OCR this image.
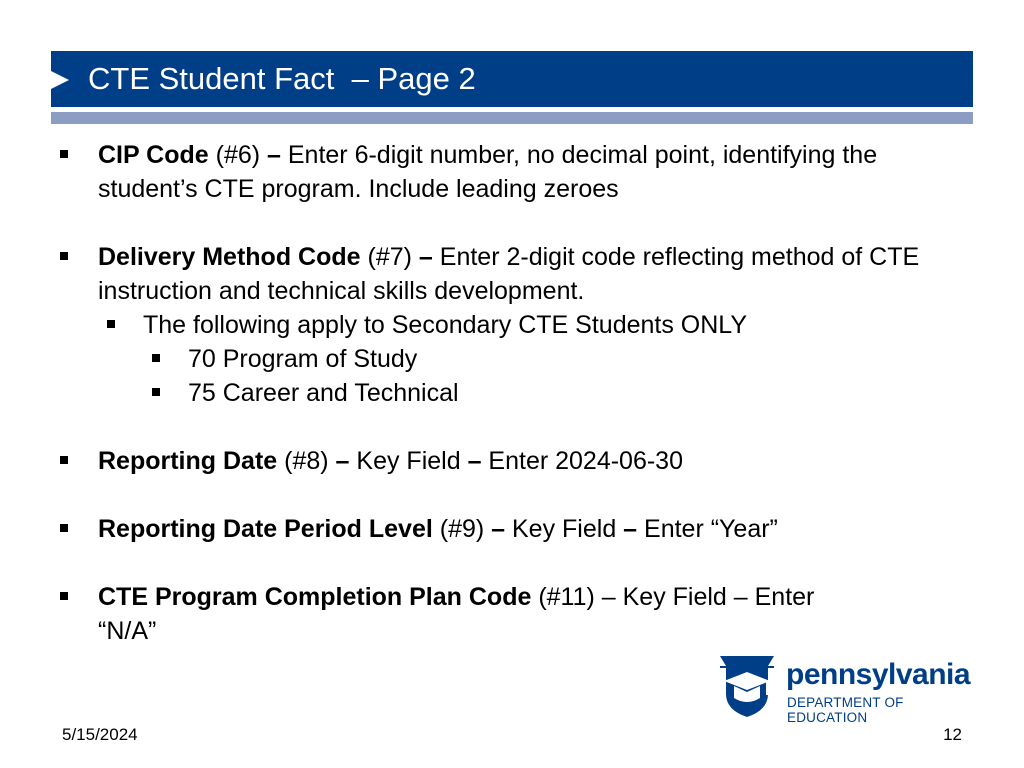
CTE Student Fact  – Page 2
CIP Code (#6) – Enter 6-digit number, no decimal point, identifying the student’s CTE program. Include leading zeroes
Delivery Method Code (#7) – Enter 2-digit code reflecting method of CTE instruction and technical skills development.
The following apply to Secondary CTE Students ONLY
70 Program of Study
75 Career and Technical
Reporting Date (#8) – Key Field – Enter 2024-06-30
Reporting Date Period Level (#9) – Key Field – Enter “Year”
CTE Program Completion Plan Code (#11) – Key Field – Enter “N/A”
pennsylvania
DEPARTMENT OF EDUCATION
5/15/2024	12
